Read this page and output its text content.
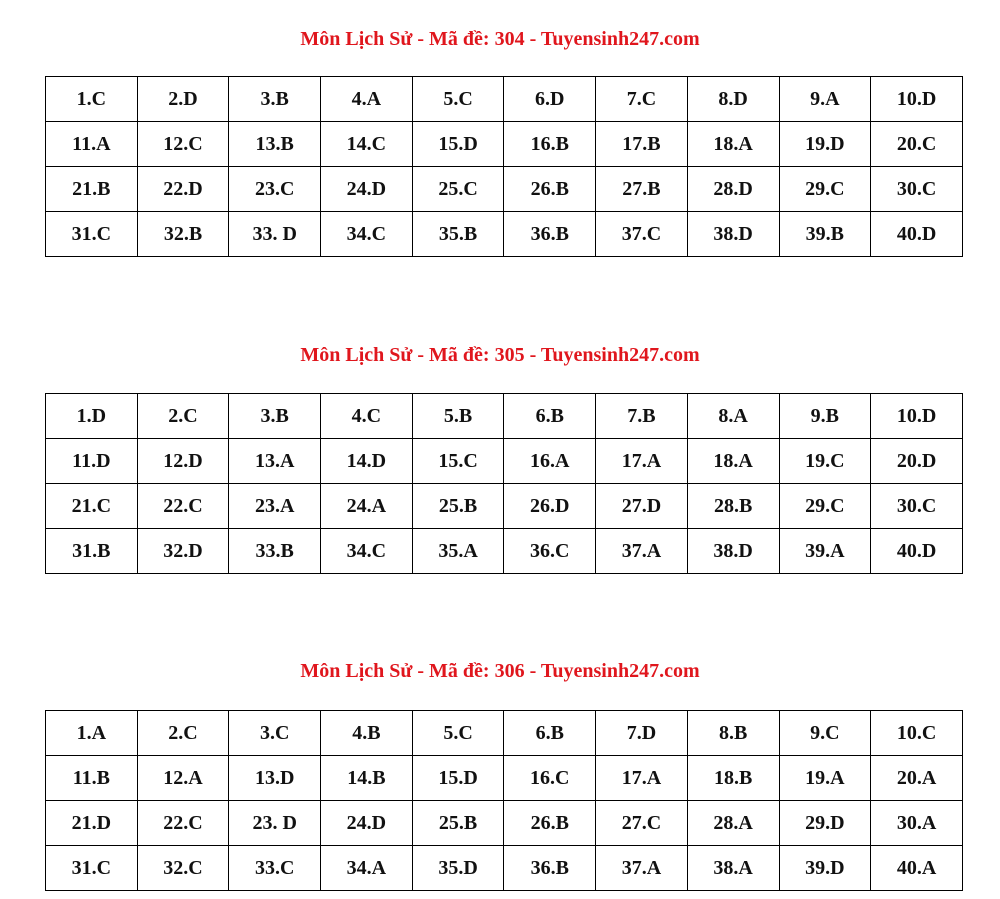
Môn Lịch Sử - Mã đề: 304 - Tuyensinh247.com
1.C	2.D	3.B	4.A	5.C	6.D	7.C	8.D	9.A	10.D
11.A	12.C	13.B	14.C	15.D	16.B	17.B	18.A	19.D	20.C
21.B	22.D	23.C	24.D	25.C	26.B	27.B	28.D	29.C	30.C
31.C	32.B	33. D	34.C	35.B	36.B	37.C	38.D	39.B	40.D
Môn Lịch Sử - Mã đề: 305 - Tuyensinh247.com
1.D	2.C	3.B	4.C	5.B	6.B	7.B	8.A	9.B	10.D
11.D	12.D	13.A	14.D	15.C	16.A	17.A	18.A	19.C	20.D
21.C	22.C	23.A	24.A	25.B	26.D	27.D	28.B	29.C	30.C
31.B	32.D	33.B	34.C	35.A	36.C	37.A	38.D	39.A	40.D
Môn Lịch Sử - Mã đề: 306 - Tuyensinh247.com
1.A	2.C	3.C	4.B	5.C	6.B	7.D	8.B	9.C	10.C
11.B	12.A	13.D	14.B	15.D	16.C	17.A	18.B	19.A	20.A
21.D	22.C	23. D	24.D	25.B	26.B	27.C	28.A	29.D	30.A
31.C	32.C	33.C	34.A	35.D	36.B	37.A	38.A	39.D	40.A
